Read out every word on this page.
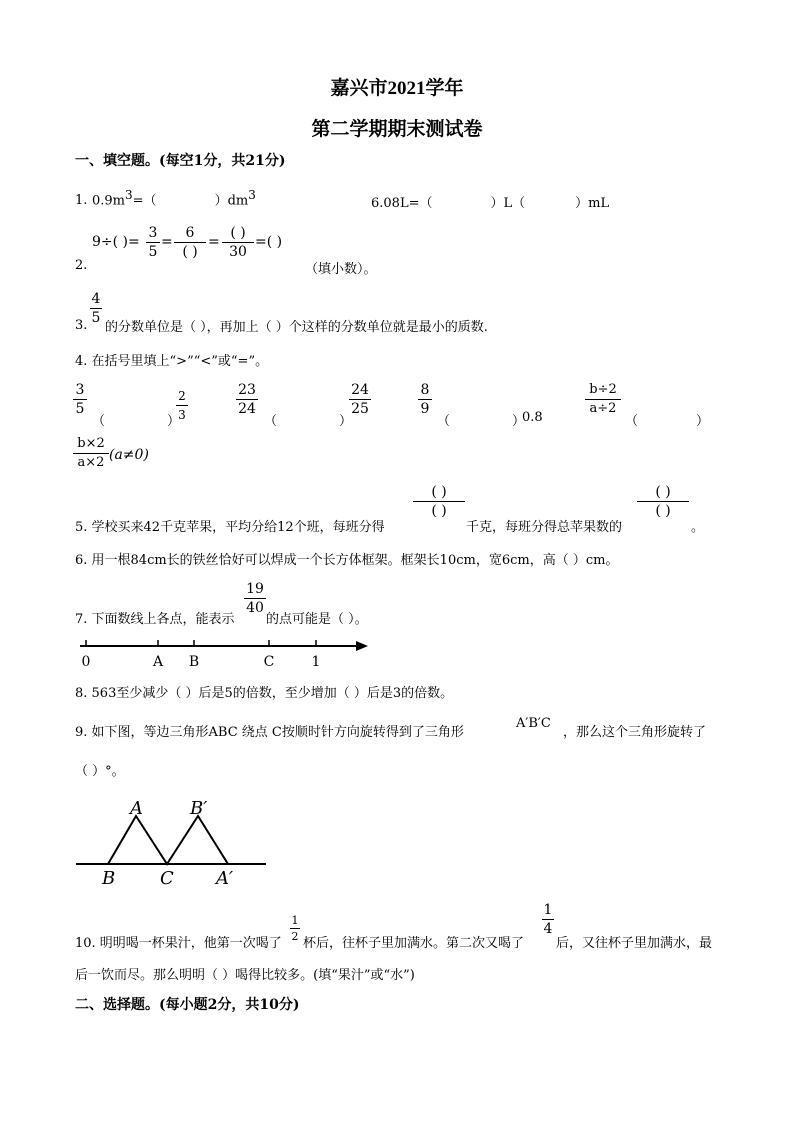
嘉兴市2021学年
第二学期期末测试卷
一、填空题。(每空1分，共21分)
1. $0.9m^3=$（	）$dm^3$
6.08L=（	）L（	）mL
2.
9÷( )=
3
5
=
6
( )
=
( )
30
=( )
（填小数）。
3.
4
5
的分数单位是（ ），再加上（ ）个这样的分数单位就是最小的质数.
4. 在括号里填上“>”“<”或“=”。
3
5
（	）
2
3
23
24
（	）
24
25
8
9
（	）
0.8
b÷2
a÷2
（	）
b×2
a×2 (a≠0)
5. 学校买来42千克苹果，平均分给12个班，每班分得
( )
( )
千克，每班分得总苹果数的
( )
( )
。
6. 用一根84cm长的铁丝恰好可以焊成一个长方体框架。框架长10cm，宽6cm，高（ ）cm。
7. 下面数线上各点，能表示
19
40
的点可能是（ ）。
0	A B	C	1
8. 563至少减少（ ）后是5的倍数，至少增加（ ）后是3的倍数。
9. 如下图，等边三角形ABC 绕点 C按顺时针方向旋转得到了三角形
A′B′C
，那么这个三角形旋转了
（ ）°。
A	B′
B C A′
10. 明明喝一杯果汁，他第一次喝了
1
2 杯后，往杯子里加满水。第二次又喝了
1
4
后，又往杯子里加满水，最
后一饮而尽。那么明明（ ）喝得比较多。(填“果汁”或“水”)
二、选择题。(每小题2分，共10分)
